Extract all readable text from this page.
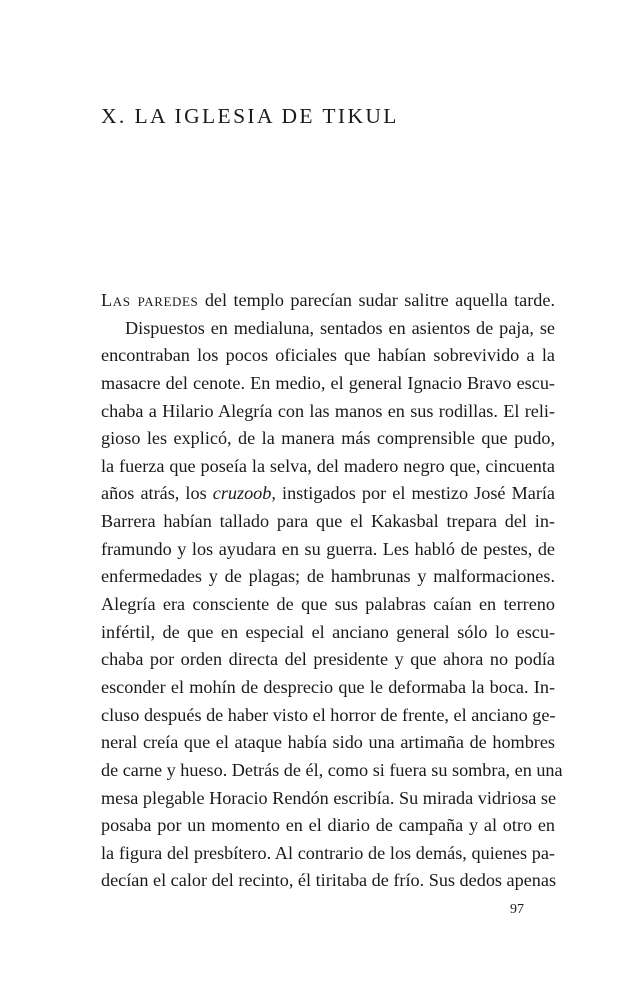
X. LA IGLESIA DE TIKUL
Las paredes del templo parecían sudar salitre aquella tarde.
Dispuestos en medialuna, sentados en asientos de paja, se
encontraban los pocos oficiales que habían sobrevivido a la
masacre del cenote. En medio, el general Ignacio Bravo escu-
chaba a Hilario Alegría con las manos en sus rodillas. El reli-
gioso les explicó, de la manera más comprensible que pudo,
la fuerza que poseía la selva, del madero negro que, cincuenta
años atrás, los cruzoob, instigados por el mestizo José María
Barrera habían tallado para que el Kakasbal trepara del in-
framundo y los ayudara en su guerra. Les habló de pestes, de
enfermedades y de plagas; de hambrunas y malformaciones.
Alegría era consciente de que sus palabras caían en terreno
infértil, de que en especial el anciano general sólo lo escu-
chaba por orden directa del presidente y que ahora no podía
esconder el mohín de desprecio que le deformaba la boca. In-
cluso después de haber visto el horror de frente, el anciano ge-
neral creía que el ataque había sido una artimaña de hombres
de carne y hueso. Detrás de él, como si fuera su sombra, en una
mesa plegable Horacio Rendón escribía. Su mirada vidriosa se
posaba por un momento en el diario de campaña y al otro en
la figura del presbítero. Al contrario de los demás, quienes pa-
decían el calor del recinto, él tiritaba de frío. Sus dedos apenas
97
